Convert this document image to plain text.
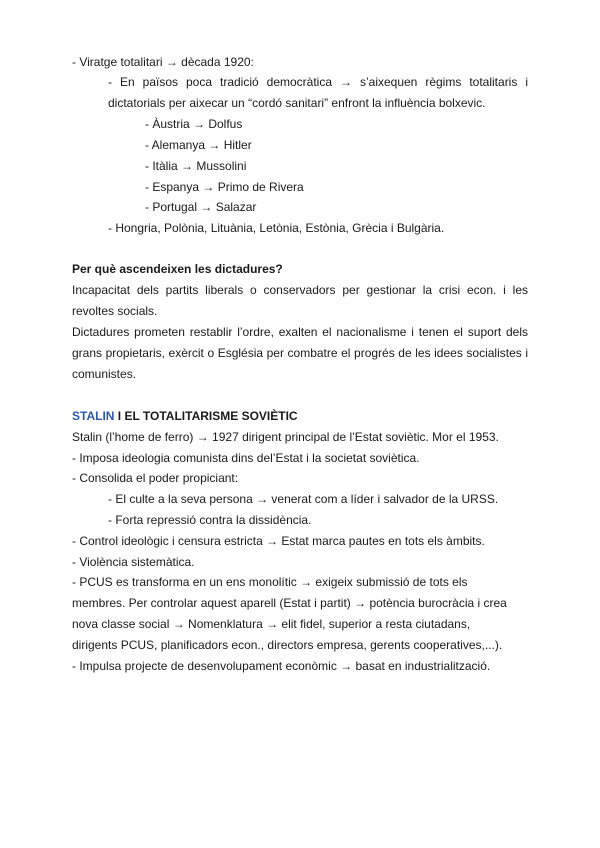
- Viratge totalitari → dècada 1920:
- En països poca tradició democràtica → s’aixequen règims totalitaris i dictatorials per aixecar un “cordó sanitari” enfront la influència bolxevic.
- Àustria → Dolfus
- Alemanya → Hitler
- Itàlia → Mussolini
- Espanya → Primo de Rivera
- Portugal → Salazar
- Hongria, Polònia, Lituània, Letònia, Estònia, Grècia i Bulgària.
Per què ascendeixen les dictadures?
Incapacitat dels partits liberals o conservadors per gestionar la crisi econ. i les revoltes socials.
Dictadures prometen restablir l’ordre, exalten el nacionalisme i tenen el suport dels grans propietaris, exèrcit o Església per combatre el progrés de les idees socialistes i comunistes.
STALIN I EL TOTALITARISME SOVIÈTIC
Stalin (l’home de ferro) → 1927 dirigent principal de l’Estat soviètic. Mor el 1953.
- Imposa ideologia comunista dins del’Estat i la societat soviètica.
- Consolida el poder propiciant:
- El culte a la seva persona → venerat com a líder i salvador de la URSS.
- Forta repressió contra la dissidència.
- Control ideològic i censura estricta → Estat marca pautes en tots els àmbits.
- Violència sistemàtica.
- PCUS es transforma en un ens monolític → exigeix submissió de tots els
membres. Per controlar aquest aparell (Estat i partit) → potència burocràcia i crea
nova classe social → Nomenklatura → elit fidel, superior a resta ciutadans,
dirigents PCUS, planificadors econ., directors empresa, gerents cooperatives,...).
- Impulsa projecte de desenvolupament econòmic → basat en industrialització.
